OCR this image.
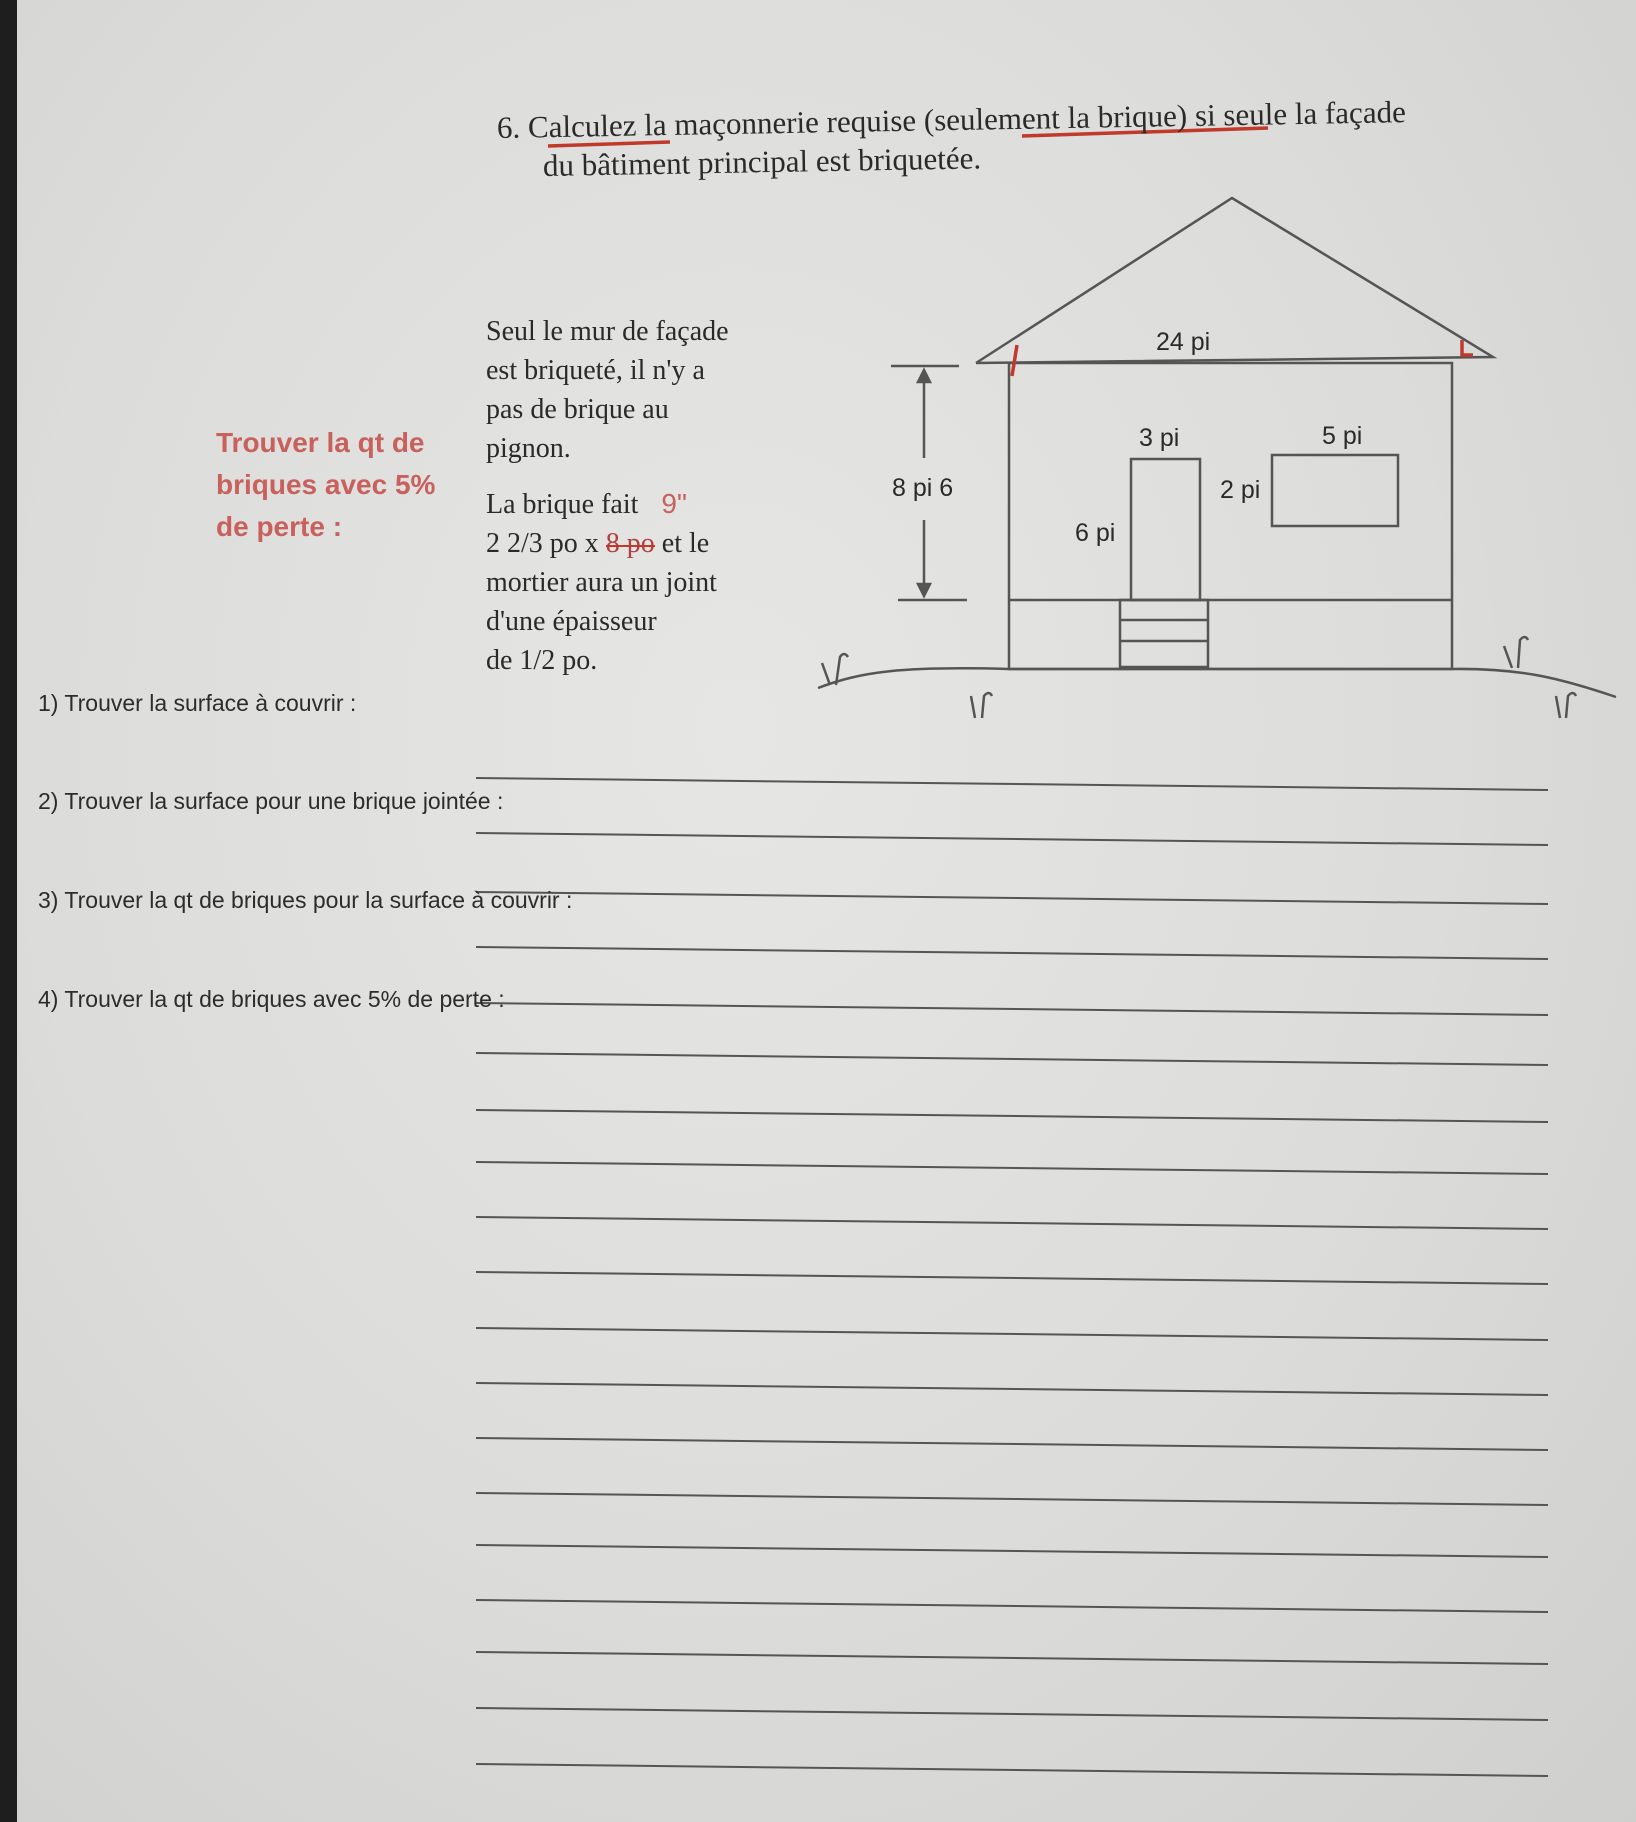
6. Calculez la maçonnerie requise (seulement la brique) si seule la façade
du bâtiment principal est briquetée.
Seul le mur de façade
est briqueté, il n'y a
pas de brique au
pignon.
La brique fait 9"
2 2/3 po x 8 po et le
mortier aura un joint
d'une épaisseur
de 1/2 po.
Trouver la qt de
briques avec 5%
de perte :
24 pi
8 pi 6
3 pi
6 pi
5 pi
2 pi
1) Trouver la surface à couvrir :
2) Trouver la surface pour une brique jointée :
3) Trouver la qt de briques pour la surface à couvrir :
4) Trouver la qt de briques avec 5% de perte :
